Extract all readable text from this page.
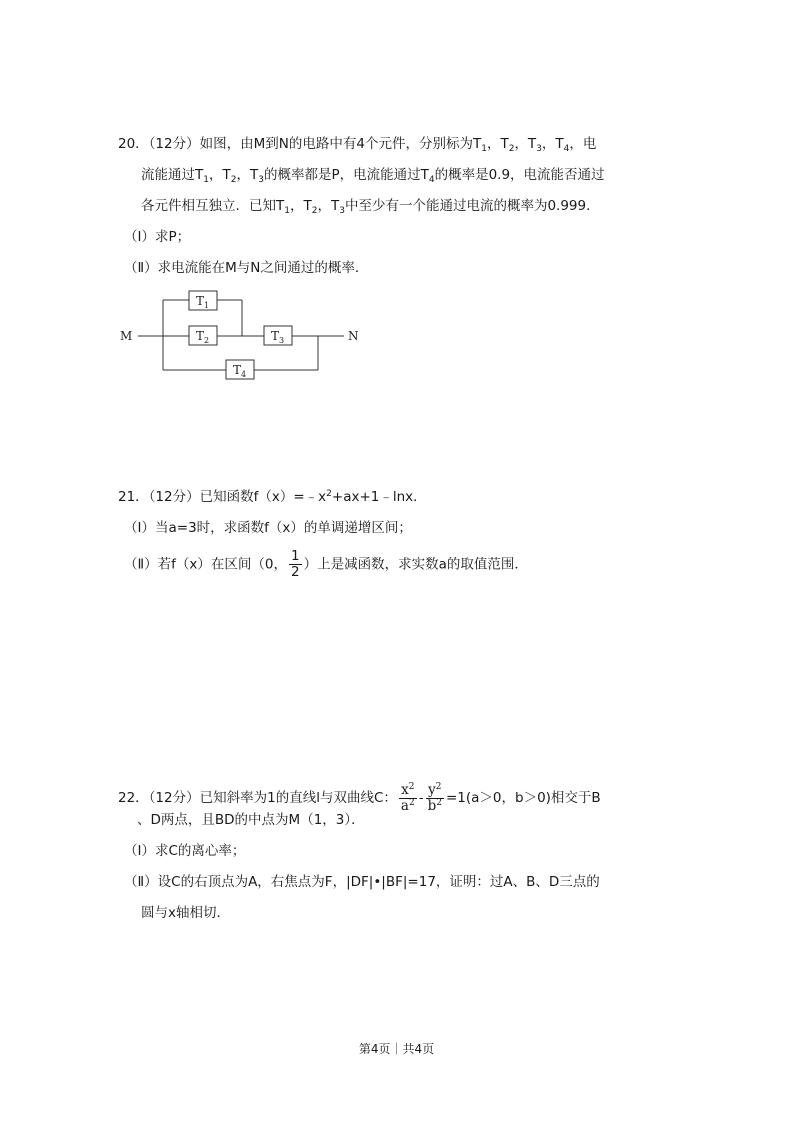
20．（12分）如图，由M到N的电路中有4个元件，分别标为$T_1$，$T_2$，$T_3$，$T_4$，电
流能通过$T_1$，$T_2$，$T_3$的概率都是P，电流能通过$T_4$的概率是0.9，电流能否通过
各元件相互独立．已知$T_1$，$T_2$，$T_3$中至少有一个能通过电流的概率为0.999．
（Ⅰ）求P；
（Ⅱ）求电流能在M与N之间通过的概率．
M	N
$T_1$
$T_2$	$T_3$
$T_4$
21．（12分）已知函数$f(x)=﹣x^2+ax+1﹣\ln x$．
（Ⅰ）当a=3时，求函数f（x）的单调递增区间；
（Ⅱ）若f（x）在区间（0， $\frac{1}{2}$ ）上是减函数，求实数a的取值范围．
22．（12分）已知斜率为1的直线l与双曲线C： $\frac{x^2}{a^2} - \frac{y^2}{b^2} =1(a>0$，b＞0)相交于B
、D两点，且BD的中点为M（1，3）．
（Ⅰ）求C的离心率；
（Ⅱ）设C的右顶点为A，右焦点为F，|DF|•|BF|=17，证明：过A、B、D三点的
圆与x轴相切．
第4页｜共4页
